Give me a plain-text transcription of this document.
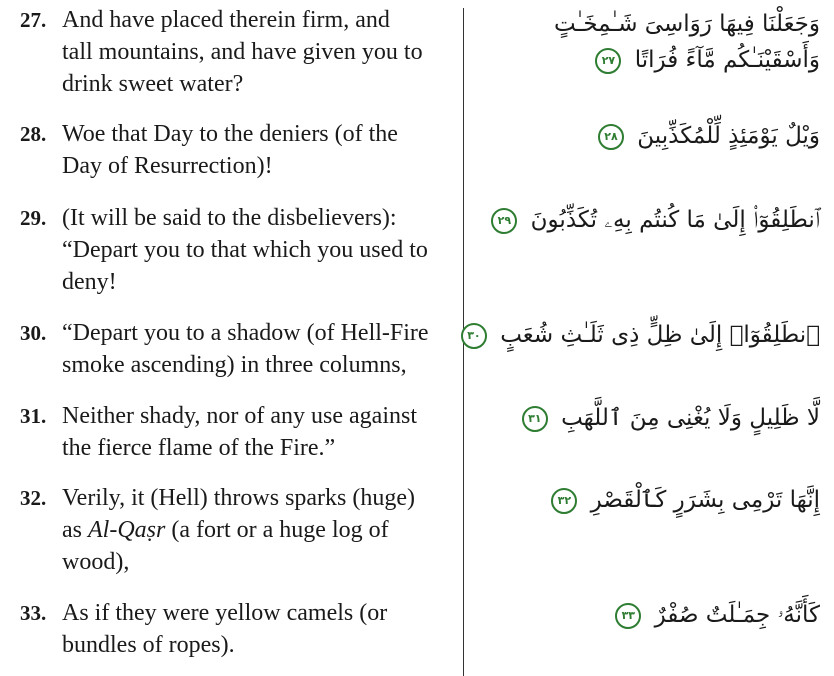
27. And have placed therein firm, and
tall mountains, and have given you to
drink sweet water?
وَجَعَلْنَا فِيهَا رَوَاسِىَ شَـٰمِخَـٰتٍ
وَأَسْقَيْنَـٰكُم مَّآءً فُرَاتًا ٢٧
28. Woe that Day to the deniers (of the
Day of Resurrection)!
وَيْلٌ يَوْمَئِذٍ لِّلْمُكَذِّبِينَ ٢٨
29. (It will be said to the disbelievers):
“Depart you to that which you used to
deny!
ٱنطَلِقُوٓا۟ إِلَىٰ مَا كُنتُم بِهِۦ تُكَذِّبُونَ ٢٩
30. “Depart you to a shadow (of Hell-Fire
smoke ascending) in three columns,
ٱنطَلِقُوٓا۟ إِلَىٰ ظِلٍّ ذِى ثَلَـٰثِ شُعَبٍ ٣٠
31. Neither shady, nor of any use against
the fierce flame of the Fire.”
لَّا ظَلِيلٍ وَلَا يُغْنِى مِنَ ٱللَّهَبِ ٣١
32. Verily, it (Hell) throws sparks (huge)
as Al-Qaṣr (a fort or a huge log of
wood),
إِنَّهَا تَرْمِى بِشَرَرٍ كَٱلْقَصْرِ ٣٢
33. As if they were yellow camels (or
bundles of ropes).
كَأَنَّهُۥ جِمَـٰلَتٌ صُفْرٌ ٣٣
